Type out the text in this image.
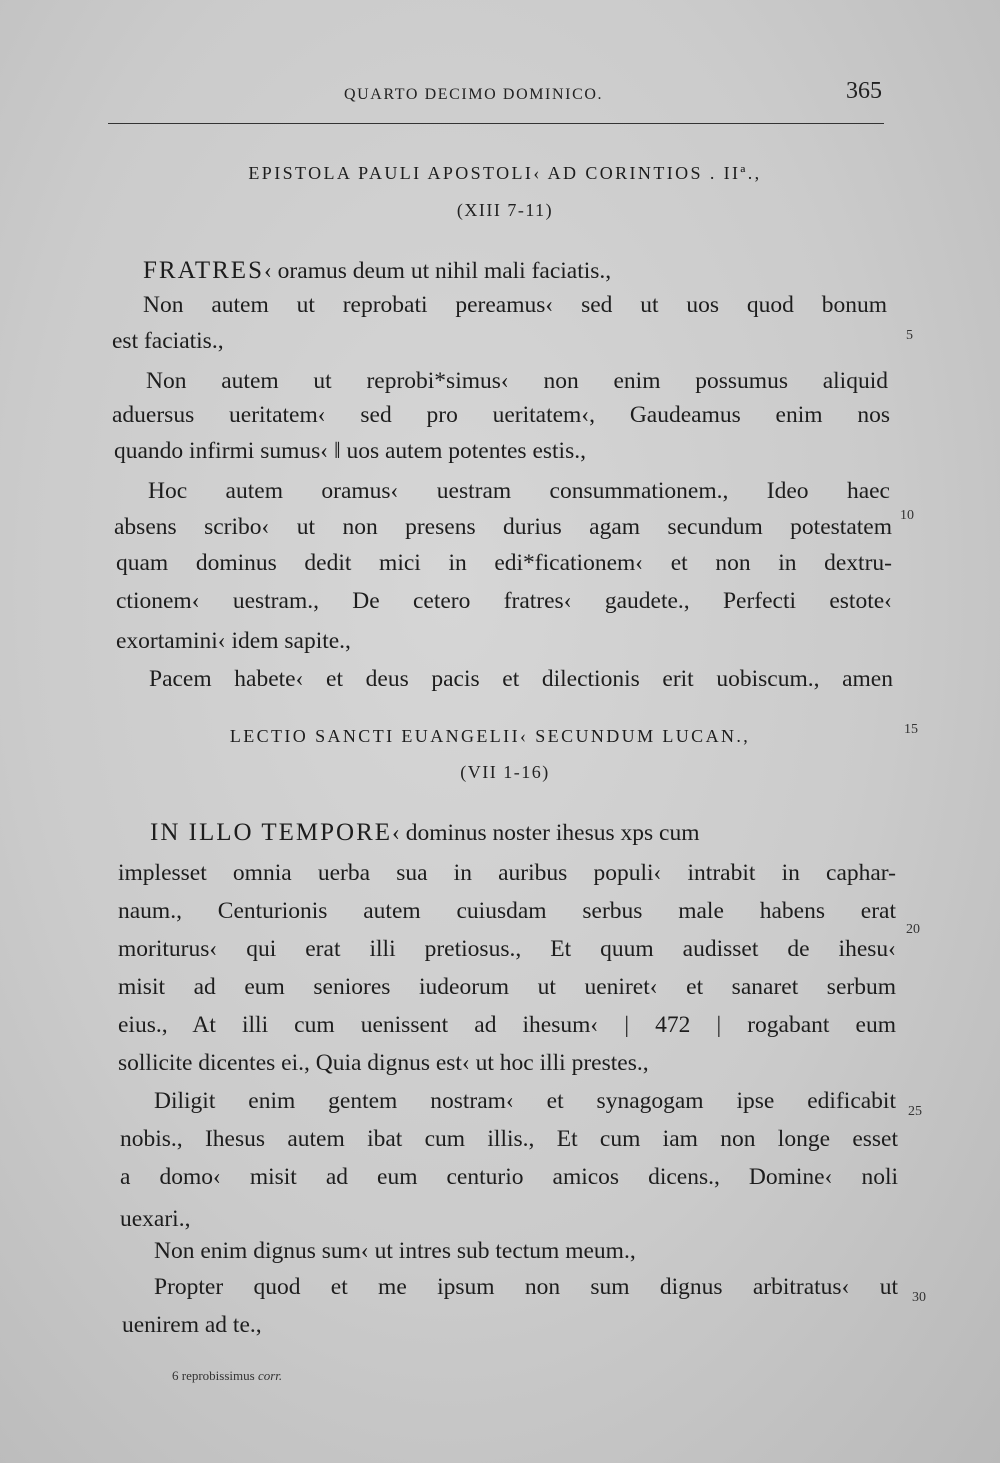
QUARTO DECIMO DOMINICO.	365
EPISTOLA PAULI APOSTOLI‹ AD CORINTIOS . IIª.,
(XIII 7-11)
FRATRES‹ oramus deum ut nihil mali faciatis.,
Non autem ut reprobati pereamus‹ sed ut uos quod bonum
est faciatis.,
Non autem ut reprobi*simus‹ non enim possumus aliquid
aduersus ueritatem‹ sed pro ueritatem‹, Gaudeamus enim nos
quando infirmi sumus‹ ‖ uos autem potentes estis.,
Hoc autem oramus‹ uestram consummationem., Ideo haec
absens scribo‹ ut non presens durius agam secundum potestatem
quam dominus dedit mici in edi*ficationem‹ et non in dextru-
ctionem‹ uestram., De cetero fratres‹ gaudete., Perfecti estote‹
exortamini‹ idem sapite.,
Pacem habete‹ et deus pacis et dilectionis erit uobiscum., amen
LECTIO SANCTI EUANGELII‹ SECUNDUM LUCAN.,
(VII 1-16)
IN ILLO TEMPORE‹ dominus noster ihesus xps cum
implesset omnia uerba sua in auribus populi‹ intrabit in caphar-
naum., Centurionis autem cuiusdam serbus male habens erat
moriturus‹ qui erat illi pretiosus., Et quum audisset de ihesu‹
misit ad eum seniores iudeorum ut ueniret‹ et sanaret serbum
eius., At illi cum uenissent ad ihesum‹ | 472 | rogabant eum
sollicite dicentes ei., Quia dignus est‹ ut hoc illi prestes.,
Diligit enim gentem nostram‹ et synagogam ipse edificabit
nobis., Ihesus autem ibat cum illis., Et cum iam non longe esset
a domo‹ misit ad eum centurio amicos dicens., Domine‹ noli
uexari.,
Non enim dignus sum‹ ut intres sub tectum meum.,
Propter quod et me ipsum non sum dignus arbitratus‹ ut
uenirem ad te.,
5
10
15
20
25
30
6 reprobissimus corr.
